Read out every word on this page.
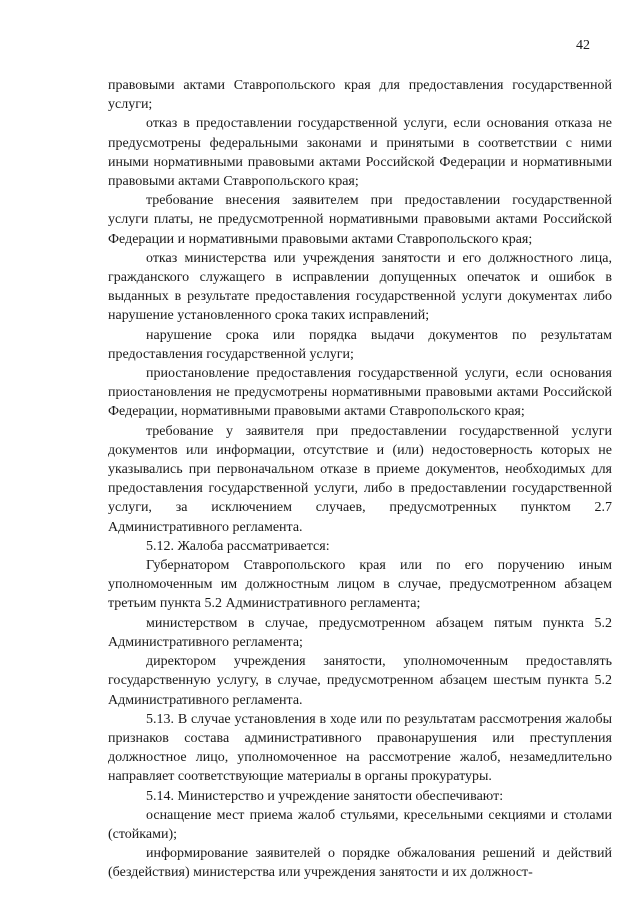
42

правовыми актами Ставропольского края для предоставления государственной услуги;

отказ в предоставлении государственной услуги, если основания отказа не предусмотрены федеральными законами и принятыми в соответствии с ними иными нормативными правовыми актами Российской Федерации и нормативными правовыми актами Ставропольского края;

требование внесения заявителем при предоставлении государственной услуги платы, не предусмотренной нормативными правовыми актами Российской Федерации и нормативными правовыми актами Ставропольского края;

отказ министерства или учреждения занятости и его должностного лица, гражданского служащего в исправлении допущенных опечаток и ошибок в выданных в результате предоставления государственной услуги документах либо нарушение установленного срока таких исправлений;

нарушение срока или порядка выдачи документов по результатам предоставления государственной услуги;

приостановление предоставления государственной услуги, если основания приостановления не предусмотрены нормативными правовыми актами Российской Федерации, нормативными правовыми актами Ставропольского края;

требование у заявителя при предоставлении государственной услуги документов или информации, отсутствие и (или) недостоверность которых не указывались при первоначальном отказе в приеме документов, необходимых для предоставления государственной услуги, либо в предоставлении государственной услуги, за исключением случаев, предусмотренных пунктом 2.7 Административного регламента.

5.12. Жалоба рассматривается:

Губернатором Ставропольского края или по его поручению иным уполномоченным им должностным лицом в случае, предусмотренном абзацем третьим пункта 5.2 Административного регламента;

министерством в случае, предусмотренном абзацем пятым пункта 5.2 Административного регламента;

директором учреждения занятости, уполномоченным предоставлять государственную услугу, в случае, предусмотренном абзацем шестым пункта 5.2 Административного регламента.

5.13. В случае установления в ходе или по результатам рассмотрения жалобы признаков состава административного правонарушения или преступления должностное лицо, уполномоченное на рассмотрение жалоб, незамедлительно направляет соответствующие материалы в органы прокуратуры.

5.14. Министерство и учреждение занятости обеспечивают:

оснащение мест приема жалоб стульями, кресельными секциями и столами (стойками);

информирование заявителей о порядке обжалования решений и действий (бездействия) министерства или учреждения занятости и их должност-
